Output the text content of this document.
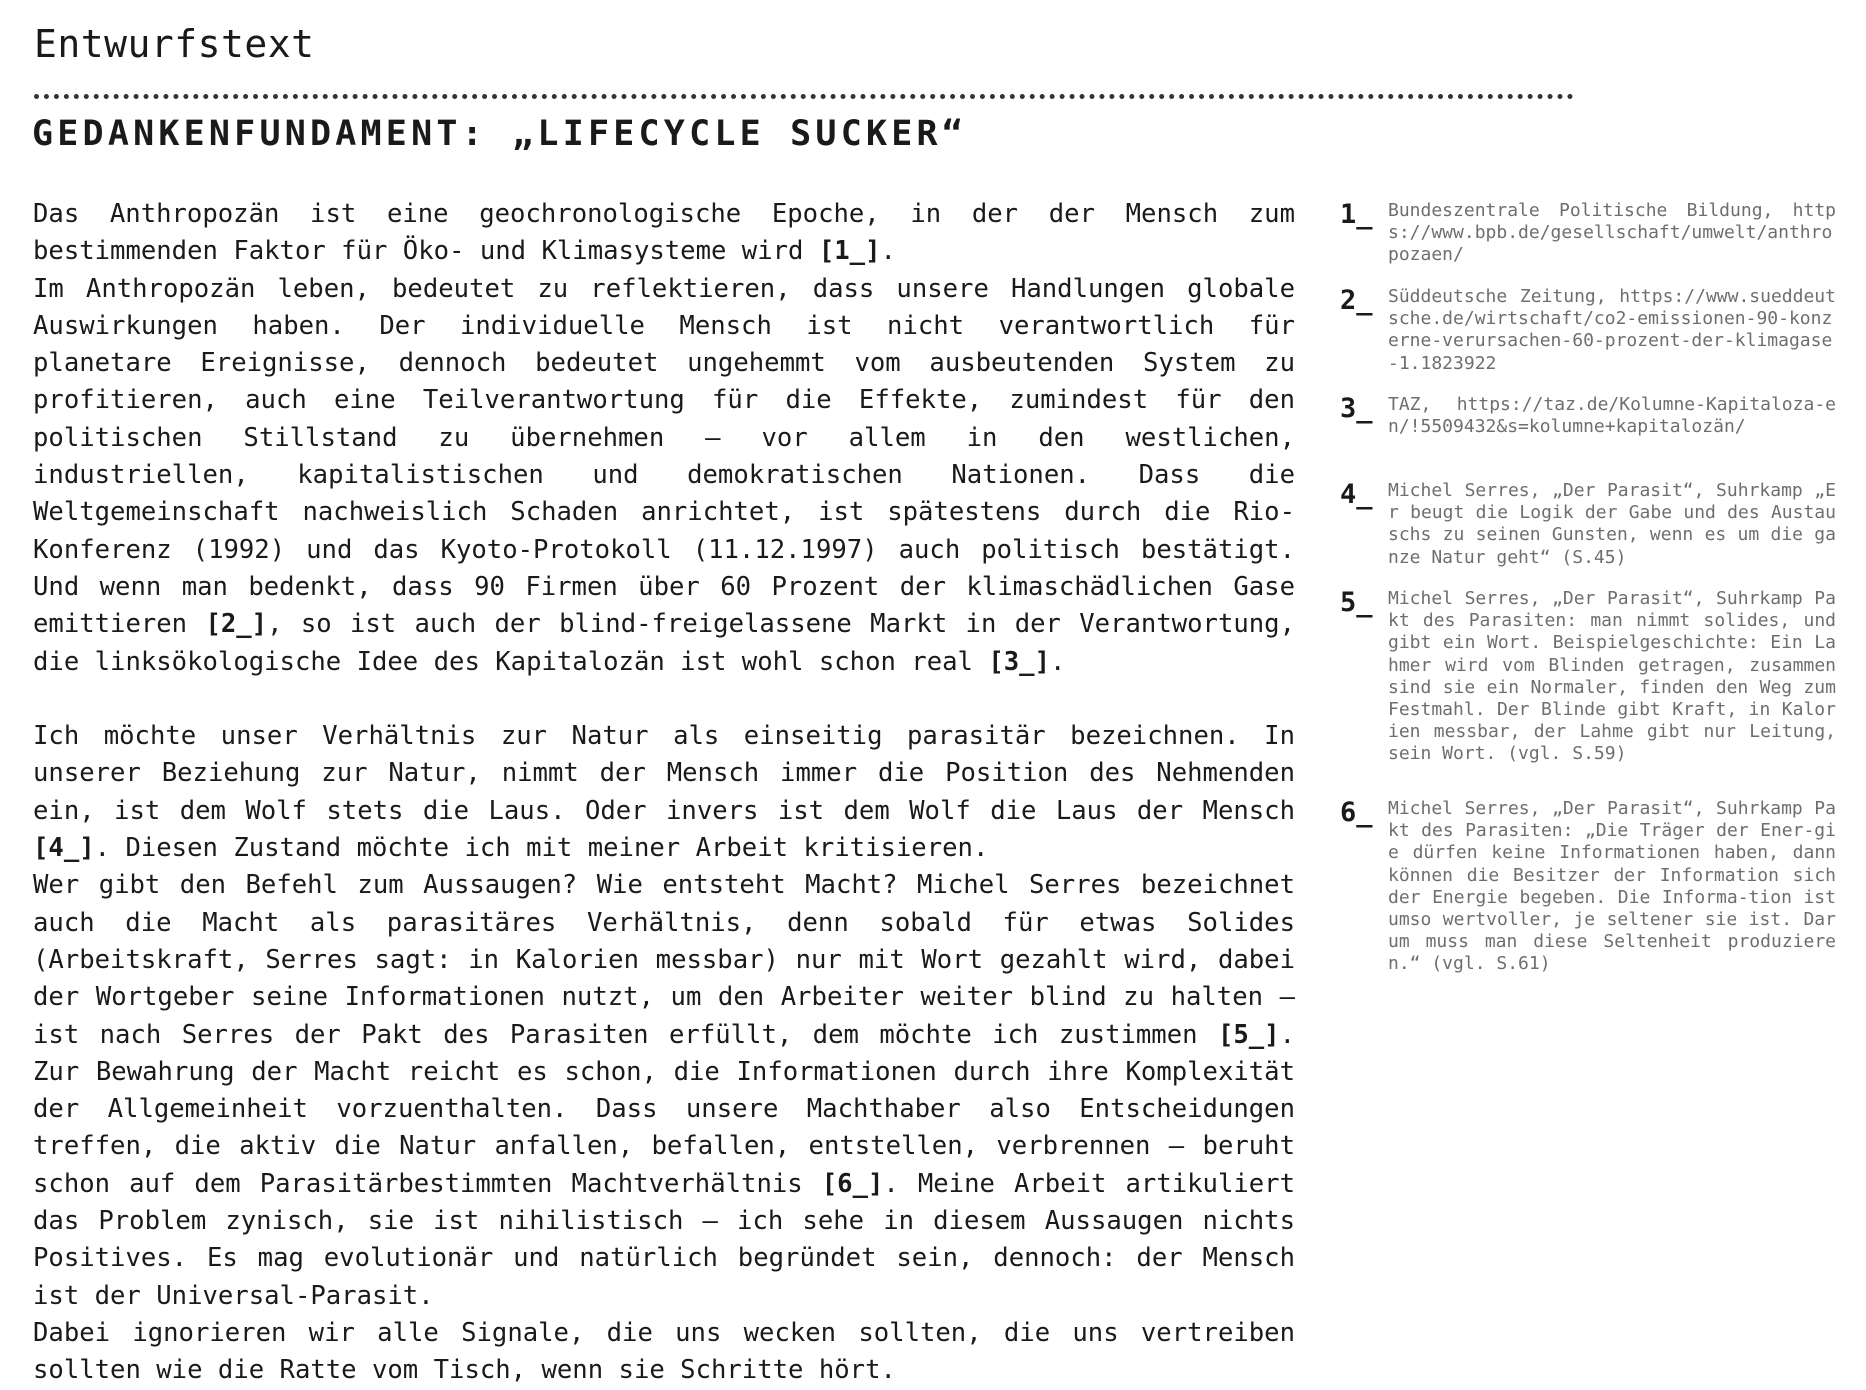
Entwurfstext
GEDANKENFUNDAMENT: „LIFECYCLE SUCKER“

Das Anthropozän ist eine geochronologische Epoche, in der der Mensch zum bestimmenden Faktor für Öko- und Klimasysteme wird [1_].

Im Anthropozän leben, bedeutet zu reflektieren, dass unsere Handlungen globale Auswirkungen haben. Der individuelle Mensch ist nicht verantwortlich für planetare Ereignisse, dennoch bedeutet ungehemmt vom ausbeutenden System zu profitieren, auch eine Teilverantwortung für die Effekte, zumindest für den politischen Stillstand zu übernehmen – vor allem in den westlichen, industriellen, kapitalistischen und demokratischen Nationen. Dass die Weltgemeinschaft nachweislich Schaden anrichtet, ist spätestens durch die Rio-Konferenz (1992) und das Kyoto-Protokoll (11.12.1997) auch politisch bestätigt. Und wenn man bedenkt, dass 90 Firmen über 60 Prozent der klimaschädlichen Gase emittieren [2_], so ist auch der blind-freigelassene Markt in der Verantwortung, die linksökologische Idee des Kapitalozän ist wohl schon real [3_].

Ich möchte unser Verhältnis zur Natur als einseitig parasitär bezeichnen. In unserer Beziehung zur Natur, nimmt der Mensch immer die Position des Nehmenden ein, ist dem Wolf stets die Laus. Oder invers ist dem Wolf die Laus der Mensch [4_]. Diesen Zustand möchte ich mit meiner Arbeit kritisieren.

Wer gibt den Befehl zum Aussaugen? Wie entsteht Macht? Michel Serres bezeichnet auch die Macht als parasitäres Verhältnis, denn sobald für etwas Solides (Arbeitskraft, Serres sagt: in Kalorien messbar) nur mit Wort gezahlt wird, dabei der Wortgeber seine Informationen nutzt, um den Arbeiter weiter blind zu halten – ist nach Serres der Pakt des Parasiten erfüllt, dem möchte ich zustimmen [5_]. Zur Bewahrung der Macht reicht es schon, die Informationen durch ihre Komplexität der Allgemeinheit vorzuenthalten. Dass unsere Machthaber also Entscheidungen treffen, die aktiv die Natur anfallen, befallen, entstellen, verbrennen – beruht schon auf dem Parasitärbestimmten Machtverhältnis [6_]. Meine Arbeit artikuliert das Problem zynisch, sie ist nihilistisch – ich sehe in diesem Aussaugen nichts Positives. Es mag evolutionär und natürlich begründet sein, dennoch: der Mensch ist der Universal-Parasit.

Dabei ignorieren wir alle Signale, die uns wecken sollten, die uns vertreiben sollten wie die Ratte vom Tisch, wenn sie Schritte hört.

1_ Bundeszentrale Politische Bildung, https://www.bpb.de/gesellschaft/umwelt/anthropozaen/
2_ Süddeutsche Zeitung, https://www.sueddeutsche.de/wirtschaft/co2-emissionen-90-konzerne-verursachen-60-prozent-der-klimagase-1.1823922
3_ TAZ, https://taz.de/Kolumne-Kapitaloza-en/!5509432&s=kolumne+kapitalozän/
4_ Michel Serres, „Der Parasit“, Suhrkamp „Er beugt die Logik der Gabe und des Austauschs zu seinen Gunsten, wenn es um die ganze Natur geht“ (S.45)
5_ Michel Serres, „Der Parasit“, Suhrkamp Pakt des Parasiten: man nimmt solides, und gibt ein Wort. Beispielgeschichte: Ein Lahmer wird vom Blinden getragen, zusammen sind sie ein Normaler, finden den Weg zum Festmahl. Der Blinde gibt Kraft, in Kalorien messbar, der Lahme gibt nur Leitung, sein Wort. (vgl. S.59)
6_ Michel Serres, „Der Parasit“, Suhrkamp Pakt des Parasiten: „Die Träger der Ener-gie dürfen keine Informationen haben, dann können die Besitzer der Information sich der Energie begeben. Die Informa-tion ist umso wertvoller, je seltener sie ist. Darum muss man diese Seltenheit produzieren.“ (vgl. S.61)
